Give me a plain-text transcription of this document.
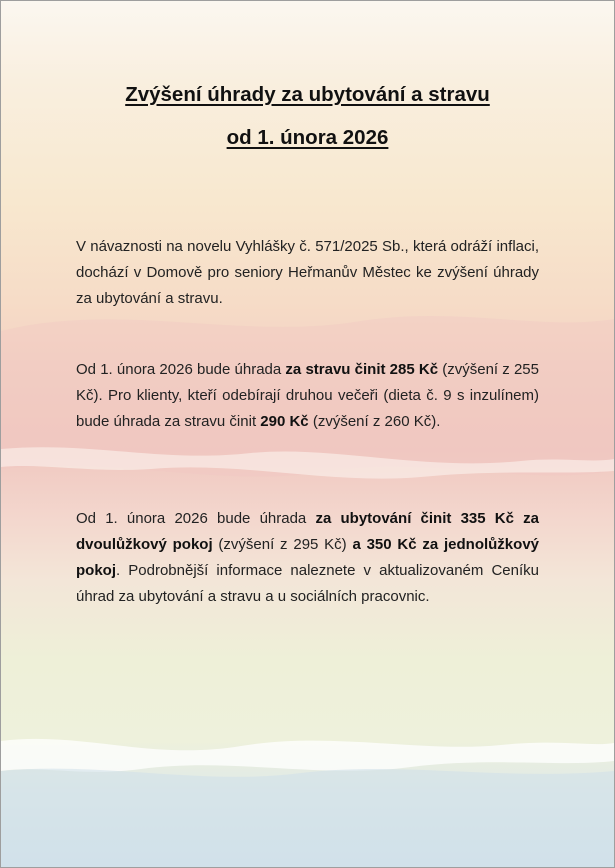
Zvýšení úhrady za ubytování a stravu
od 1. února 2026

V návaznosti na novelu Vyhlášky č. 571/2025 Sb., která odráží inflaci, dochází v Domově pro seniory Heřmanův Městec ke zvýšení úhrady za ubytování a stravu.

Od 1. února 2026 bude úhrada za stravu činit 285 Kč (zvýšení z 255 Kč). Pro klienty, kteří odebírají druhou večeři (dieta č. 9 s inzulínem) bude úhrada za stravu činit 290 Kč (zvýšení z 260 Kč).

Od 1. února 2026 bude úhrada za ubytování činit 335 Kč za dvoulůžkový pokoj (zvýšení z 295 Kč) a 350 Kč za jednolůžkový pokoj. Podrobnější informace naleznete v aktualizovaném Ceníku úhrad za ubytování a stravu a u sociálních pracovnic.
